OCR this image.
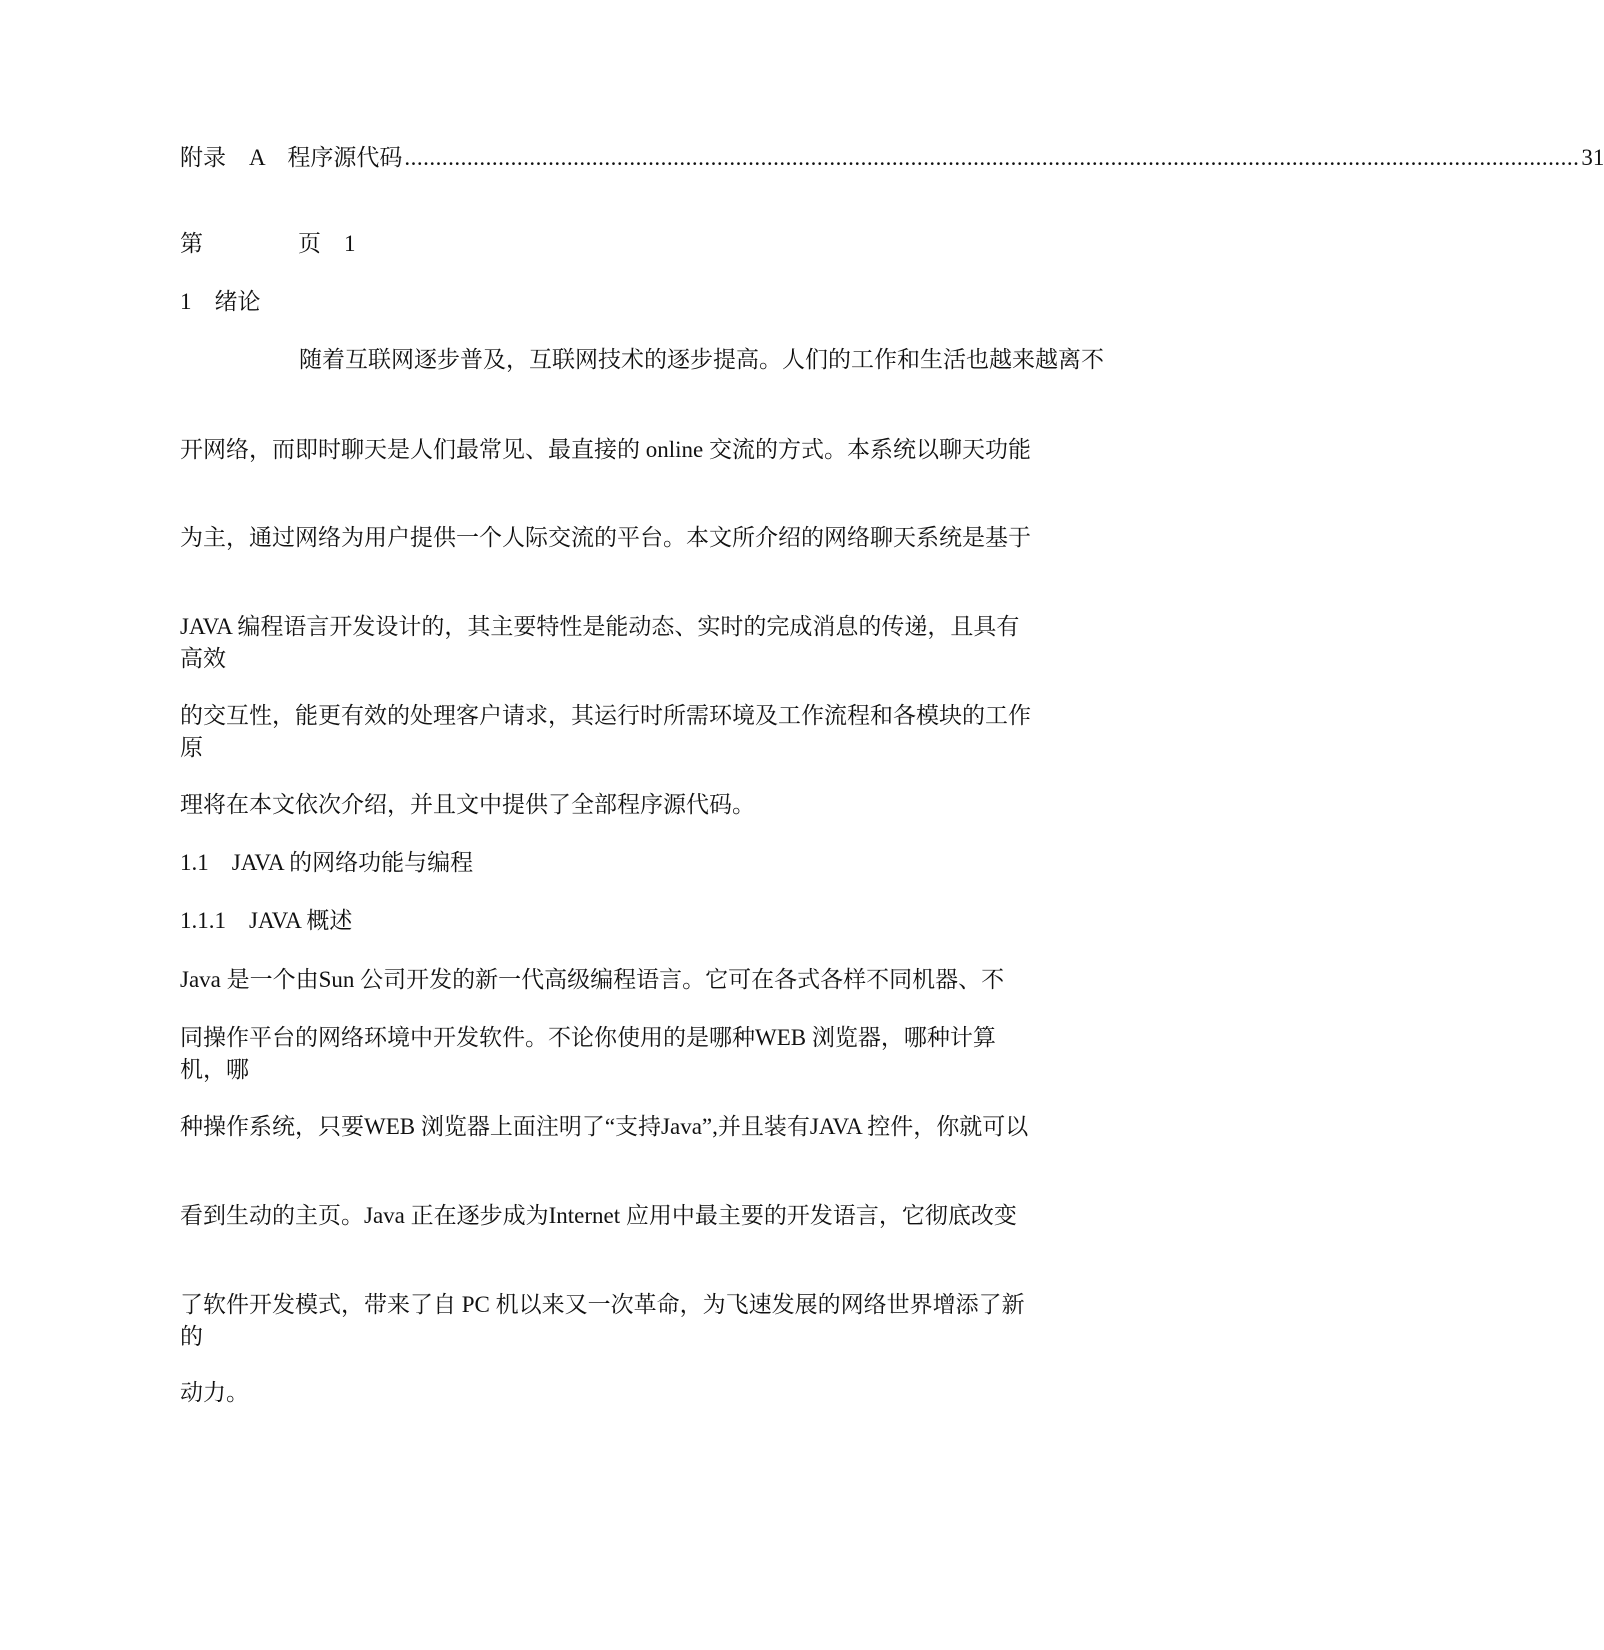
附录　A　程序源代码 ............................................................................................................................................................................................ 31
第	页　1
1　绪论
随着互联网逐步普及，互联网技术的逐步提高。人们的工作和生活也越来越离不
开网络，而即时聊天是人们最常见、最直接的 online 交流的方式。本系统以聊天功能
为主，通过网络为用户提供一个人际交流的平台。本文所介绍的网络聊天系统是基于
JAVA 编程语言开发设计的，其主要特性是能动态、实时的完成消息的传递，且具有高效
的交互性，能更有效的处理客户请求，其运行时所需环境及工作流程和各模块的工作原
理将在本文依次介绍，并且文中提供了全部程序源代码。
1.1　JAVA 的网络功能与编程
1.1.1　JAVA 概述
Java 是一个由Sun 公司开发的新一代高级编程语言。它可在各式各样不同机器、不
同操作平台的网络环境中开发软件。不论你使用的是哪种WEB 浏览器，哪种计算机，哪
种操作系统，只要WEB 浏览器上面注明了“支持Java”,并且装有JAVA 控件，你就可以
看到生动的主页。Java 正在逐步成为Internet 应用中最主要的开发语言，它彻底改变
了软件开发模式，带来了自 PC 机以来又一次革命，为飞速发展的网络世界增添了新的
动力。
